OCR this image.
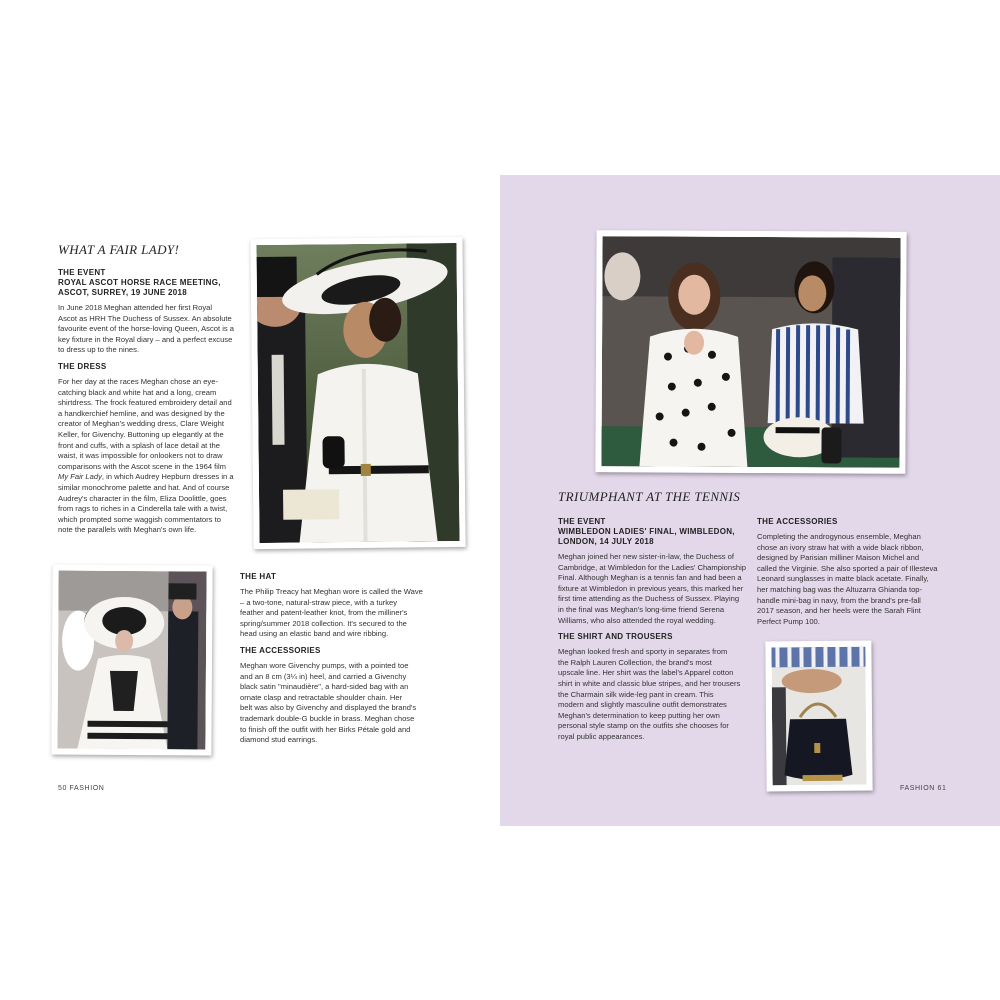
WHAT A FAIR LADY!
THE EVENT
ROYAL ASCOT HORSE RACE MEETING,
ASCOT, SURREY, 19 JUNE 2018
In June 2018 Meghan attended her first Royal
Ascot as HRH The Duchess of Sussex. An absolute
favourite event of the horse-loving Queen, Ascot is a
key fixture in the Royal diary – and a perfect excuse
to dress up to the nines.
THE DRESS
For her day at the races Meghan chose an eye-
catching black and white hat and a long, cream
shirtdress. The frock featured embroidery detail and
a handkerchief hemline, and was designed by the
creator of Meghan's wedding dress, Clare Weight
Keller, for Givenchy. Buttoning up elegantly at the
front and cuffs, with a splash of lace detail at the
waist, it was impossible for onlookers not to draw
comparisons with the Ascot scene in the 1964 film
My Fair Lady, in which Audrey Hepburn dresses in a
similar monochrome palette and hat. And of course
Audrey's character in the film, Eliza Doolittle, goes
from rags to riches in a Cinderella tale with a twist,
which prompted some waggish commentators to
note the parallels with Meghan's own life.
THE HAT
The Philip Treacy hat Meghan wore is called the Wave
– a two-tone, natural-straw piece, with a turkey
feather and patent-leather knot, from the milliner's
spring/summer 2018 collection. It's secured to the
head using an elastic band and wire ribbing.
THE ACCESSORIES
Meghan wore Givenchy pumps, with a pointed toe
and an 8 cm (3¼ in) heel, and carried a Givenchy
black satin "minaudière", a hard-sided bag with an
ornate clasp and retractable shoulder chain. Her
belt was also by Givenchy and displayed the brand's
trademark double-G buckle in brass. Meghan chose
to finish off the outfit with her Birks Pétale gold and
diamond stud earrings.
50 FASHION
TRIUMPHANT AT THE TENNIS
THE EVENT
WIMBLEDON LADIES' FINAL, WIMBLEDON,
LONDON, 14 JULY 2018
Meghan joined her new sister-in-law, the Duchess of
Cambridge, at Wimbledon for the Ladies' Championship
Final. Although Meghan is a tennis fan and had been a
fixture at Wimbledon in previous years, this marked her
first time attending as the Duchess of Sussex. Playing
in the final was Meghan's long-time friend Serena
Williams, who also attended the royal wedding.
THE SHIRT AND TROUSERS
Meghan looked fresh and sporty in separates from
the Ralph Lauren Collection, the brand's most
upscale line. Her shirt was the label's Apparel cotton
shirt in white and classic blue stripes, and her trousers
the Charmain silk wide-leg pant in cream. This
modern and slightly masculine outfit demonstrates
Meghan's determination to keep putting her own
personal style stamp on the outfits she chooses for
royal public appearances.
THE ACCESSORIES
Completing the androgynous ensemble, Meghan
chose an ivory straw hat with a wide black ribbon,
designed by Parisian milliner Maison Michel and
called the Virginie. She also sported a pair of Illesteva
Leonard sunglasses in matte black acetate. Finally,
her matching bag was the Altuzarra Ghianda top-
handle mini-bag in navy, from the brand's pre-fall
2017 season, and her heels were the Sarah Flint
Perfect Pump 100.
FASHION 61
